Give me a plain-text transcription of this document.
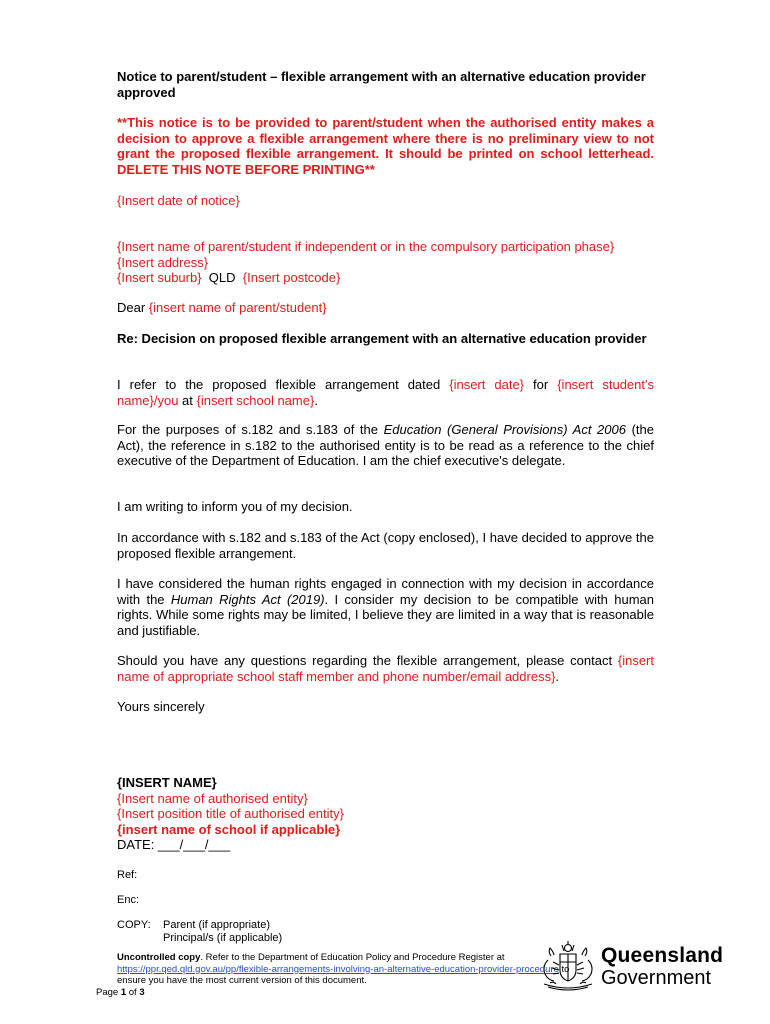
Notice to parent/student – flexible arrangement with an alternative education provider approved

**This notice is to be provided to parent/student when the authorised entity makes a decision to approve a flexible arrangement where there is no preliminary view to not grant the proposed flexible arrangement. It should be printed on school letterhead. DELETE THIS NOTE BEFORE PRINTING**

{Insert date of notice}

{Insert name of parent/student if independent or in the compulsory participation phase}
{Insert address}
{Insert suburb} QLD {Insert postcode}

Dear {insert name of parent/student}

Re: Decision on proposed flexible arrangement with an alternative education provider

I refer to the proposed flexible arrangement dated {insert date} for {insert student's name}/you at {insert school name}.

For the purposes of s.182 and s.183 of the Education (General Provisions) Act 2006 (the Act), the reference in s.182 to the authorised entity is to be read as a reference to the chief executive of the Department of Education. I am the chief executive's delegate.

I am writing to inform you of my decision.

In accordance with s.182 and s.183 of the Act (copy enclosed), I have decided to approve the proposed flexible arrangement.

I have considered the human rights engaged in connection with my decision in accordance with the Human Rights Act (2019). I consider my decision to be compatible with human rights. While some rights may be limited, I believe they are limited in a way that is reasonable and justifiable.

Should you have any questions regarding the flexible arrangement, please contact {insert name of appropriate school staff member and phone number/email address}.

Yours sincerely

{INSERT NAME}
{Insert name of authorised entity}
{Insert position title of authorised entity}
{insert name of school if applicable}
DATE: ___/___/___

Ref:

Enc:

COPY: Parent (if appropriate)
Principal/s (if applicable)
Uncontrolled copy. Refer to the Department of Education Policy and Procedure Register at
https://ppr.qed.qld.gov.au/pp/flexible-arrangements-involving-an-alternative-education-provider-procedure to
ensure you have the most current version of this document.
Page 1 of 3
Queensland
Government
